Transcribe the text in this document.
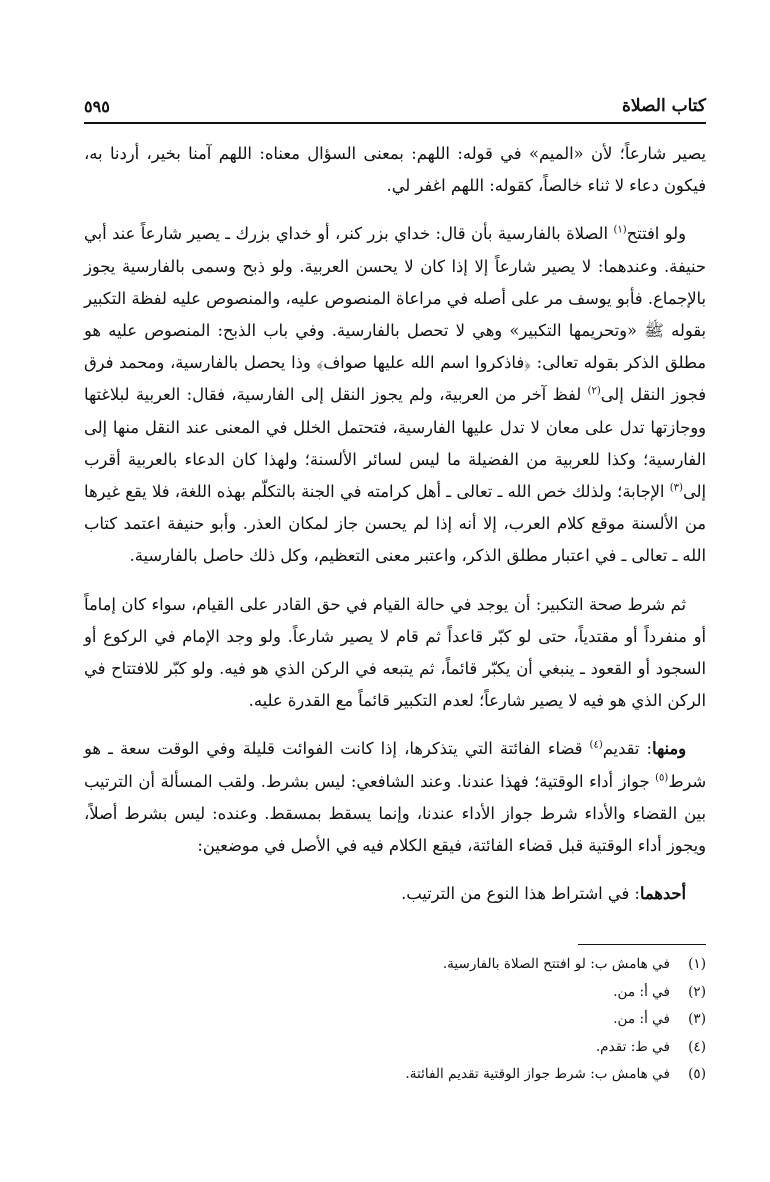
كتاب الصلاة
٥٩٥

يصير شارعاً؛ لأن «الميم» في قوله: اللهم: بمعنى السؤال معناه: اللهم آمنا بخير، أردنا به، فيكون دعاء لا ثناء خالصاً، كقوله: اللهم اغفر لي.

ولو افتتح$^{(١)}$ الصلاة بالفارسية بأن قال: خداي بزر كنر، أو خداي بزرك ـ يصير شارعاً عند أبي حنيفة. وعندهما: لا يصير شارعاً إلا إذا كان لا يحسن العربية. ولو ذبح وسمى بالفارسية يجوز بالإجماع. فأبو يوسف مر على أصله في مراعاة المنصوص عليه، والمنصوص عليه لفظة التكبير بقوله ﷺ «وتحريمها التكبير» وهي لا تحصل بالفارسية. وفي باب الذبح: المنصوص عليه هو مطلق الذكر بقوله تعالى: ﴿فاذكروا اسم الله عليها صواف﴾ وذا يحصل بالفارسية، ومحمد فرق فجوز النقل إلى$^{(٢)}$ لفظ آخر من العربية، ولم يجوز النقل إلى الفارسية، فقال: العربية لبلاغتها ووجازتها تدل على معان لا تدل عليها الفارسية، فتحتمل الخلل في المعنى عند النقل منها إلى الفارسية؛ وكذا للعربية من الفضيلة ما ليس لسائر الألسنة؛ ولهذا كان الدعاء بالعربية أقرب إلى$^{(٣)}$ الإجابة؛ ولذلك خص الله ـ تعالى ـ أهل كرامته في الجنة بالتكلّم بهذه اللغة، فلا يقع غيرها من الألسنة موقع كلام العرب، إلا أنه إذا لم يحسن جاز لمكان العذر. وأبو حنيفة اعتمد كتاب الله ـ تعالى ـ في اعتبار مطلق الذكر، واعتبر معنى التعظيم، وكل ذلك حاصل بالفارسية.

ثم شرط صحة التكبير: أن يوجد في حالة القيام في حق القادر على القيام، سواء كان إماماً أو منفرداً أو مقتدياً، حتى لو كبّر قاعداً ثم قام لا يصير شارعاً. ولو وجد الإمام في الركوع أو السجود أو القعود ـ ينبغي أن يكبّر قائماً، ثم يتبعه في الركن الذي هو فيه. ولو كبّر للافتتاح في الركن الذي هو فيه لا يصير شارعاً؛ لعدم التكبير قائماً مع القدرة عليه.

ومنها: تقديم$^{(٤)}$ قضاء الفائتة التي يتذكرها، إذا كانت الفوائت قليلة وفي الوقت سعة ـ هو شرط$^{(٥)}$ جواز أداء الوقتية؛ فهذا عندنا. وعند الشافعي: ليس بشرط. ولقب المسألة أن الترتيب بين القضاء والأداء شرط جواز الأداء عندنا، وإنما يسقط بمسقط. وعنده: ليس بشرط أصلاً، ويجوز أداء الوقتية قبل قضاء الفائتة، فيقع الكلام فيه في الأصل في موضعين:

أحدهما: في اشتراط هذا النوع من الترتيب.

(١)
في هامش ب: لو افتتح الصلاة بالفارسية.
(٢)
في أ: من.
(٣)
في أ: من.
(٤)
في ط: تقدم.
(٥)
في هامش ب: شرط جواز الوقتية تقديم الفائتة.
